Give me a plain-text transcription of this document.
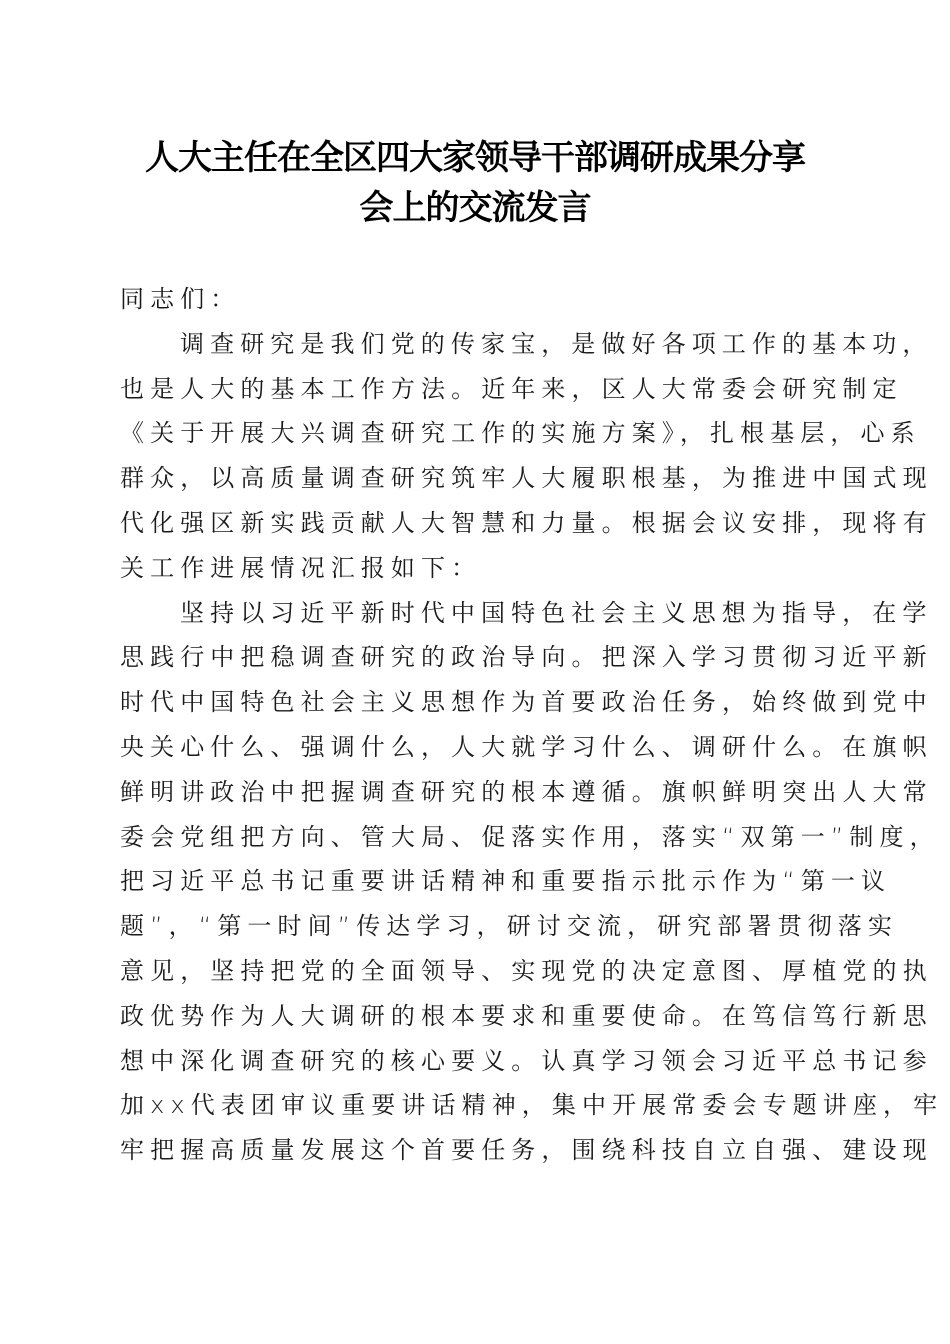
人大主任在全区四大家领导干部调研成果分享
会上的交流发言
同志们：
调查研究是我们党的传家宝，是做好各项工作的基本功，
也是人大的基本工作方法。近年来，区人大常委会研究制定
《关于开展大兴调查研究工作的实施方案》，扎根基层，心系
群众，以高质量调查研究筑牢人大履职根基，为推进中国式现
代化强区新实践贡献人大智慧和力量。根据会议安排，现将有
关工作进展情况汇报如下：
坚持以习近平新时代中国特色社会主义思想为指导，在学
思践行中把稳调查研究的政治导向。把深入学习贯彻习近平新
时代中国特色社会主义思想作为首要政治任务，始终做到党中
央关心什么、强调什么，人大就学习什么、调研什么。在旗帜
鲜明讲政治中把握调查研究的根本遵循。旗帜鲜明突出人大常
委会党组把方向、管大局、促落实作用，落实“双第一”制度，
把习近平总书记重要讲话精神和重要指示批示作为“第一议
题”，“第一时间”传达学习，研讨交流，研究部署贯彻落实
意见，坚持把党的全面领导、实现党的决定意图、厚植党的执
政优势作为人大调研的根本要求和重要使命。在笃信笃行新思
想中深化调查研究的核心要义。认真学习领会习近平总书记参
加xx代表团审议重要讲话精神，集中开展常委会专题讲座，牢
牢把握高质量发展这个首要任务，围绕科技自立自强、建设现
